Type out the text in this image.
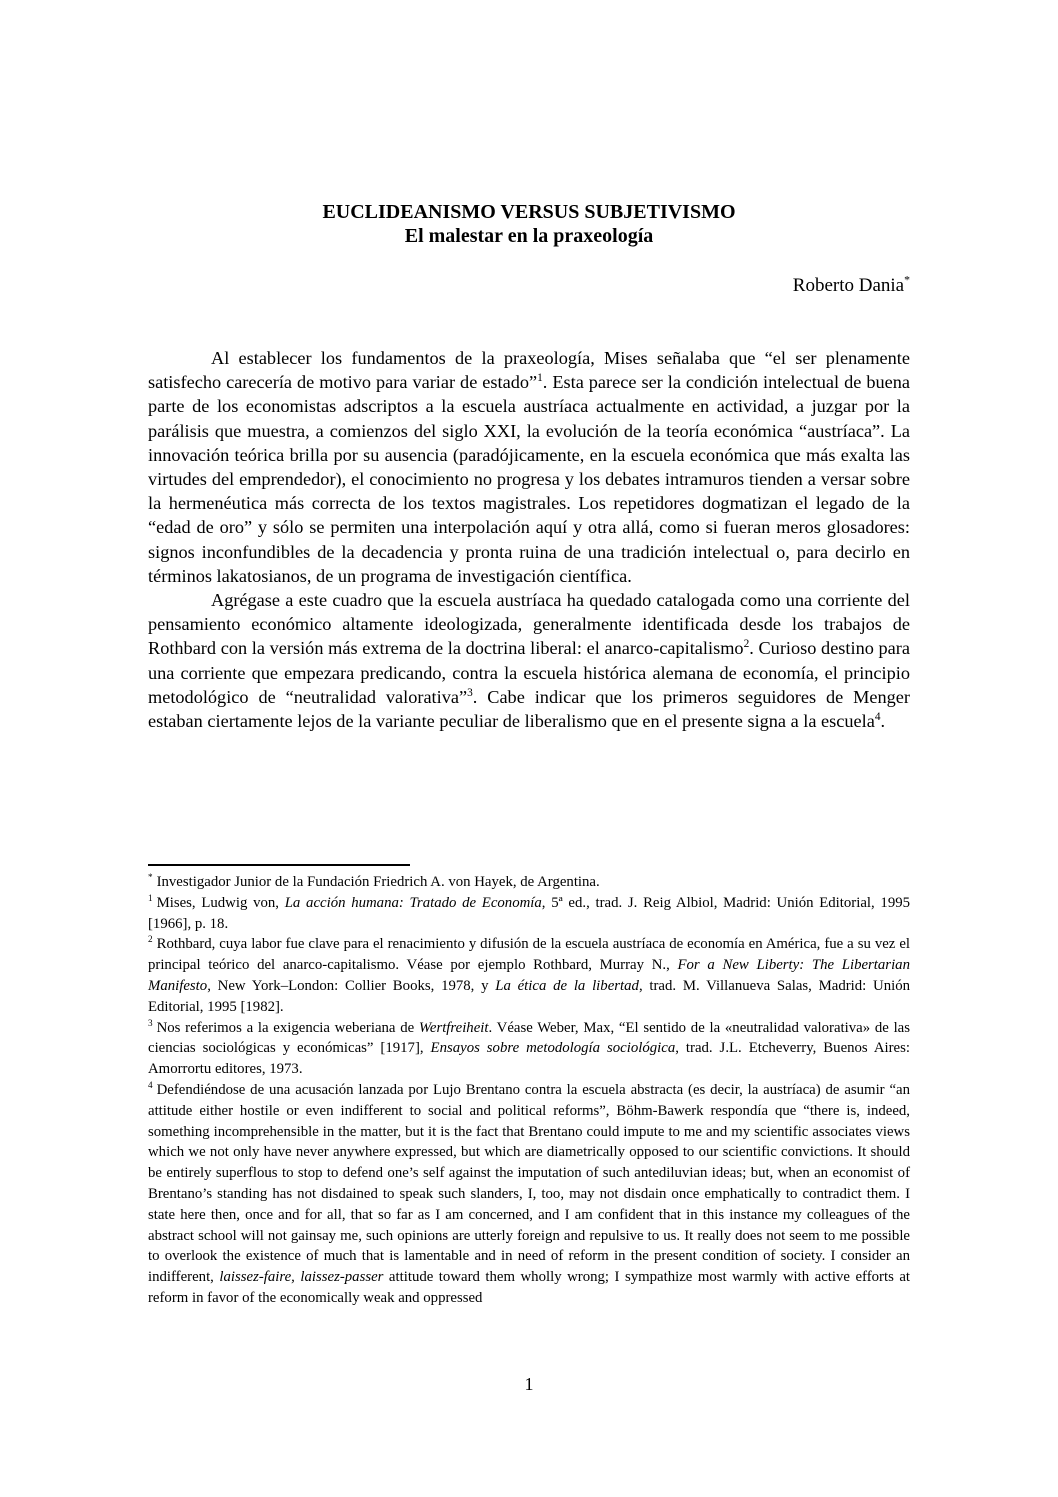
EUCLIDEANISMO VERSUS SUBJETIVISMO
El malestar en la praxeología
Roberto Dania*

Al establecer los fundamentos de la praxeología, Mises señalaba que “el ser plenamente satisfecho carecería de motivo para variar de estado”$^1$. Esta parece ser la condición intelectual de buena parte de los economistas adscriptos a la escuela austríaca actualmente en actividad, a juzgar por la parálisis que muestra, a comienzos del siglo XXI, la evolución de la teoría económica “austríaca”. La innovación teórica brilla por su ausencia (paradójicamente, en la escuela económica que más exalta las virtudes del emprendedor), el conocimiento no progresa y los debates intramuros tienden a versar sobre la hermenéutica más correcta de los textos magistrales. Los repetidores dogmatizan el legado de la “edad de oro” y sólo se permiten una interpolación aquí y otra allá, como si fueran meros glosadores: signos inconfundibles de la decadencia y pronta ruina de una tradición intelectual o, para decirlo en términos lakatosianos, de un programa de investigación científica.

Agrégase a este cuadro que la escuela austríaca ha quedado catalogada como una corriente del pensamiento económico altamente ideologizada, generalmente identificada desde los trabajos de Rothbard con la versión más extrema de la doctrina liberal: el anarco-capitalismo$^2$. Curioso destino para una corriente que empezara predicando, contra la escuela histórica alemana de economía, el principio metodológico de “neutralidad valorativa”$^3$. Cabe indicar que los primeros seguidores de Menger estaban ciertamente lejos de la variante peculiar de liberalismo que en el presente signa a la escuela$^4$.

* Investigador Junior de la Fundación Friedrich A. von Hayek, de Argentina.

$^1$ Mises, Ludwig von, La acción humana: Tratado de Economía, 5ª ed., trad. J. Reig Albiol, Madrid: Unión Editorial, 1995 [1966], p. 18.

$^2$ Rothbard, cuya labor fue clave para el renacimiento y difusión de la escuela austríaca de economía en América, fue a su vez el principal teórico del anarco-capitalismo. Véase por ejemplo Rothbard, Murray N., For a New Liberty: The Libertarian Manifesto, New York–London: Collier Books, 1978, y La ética de la libertad, trad. M. Villanueva Salas, Madrid: Unión Editorial, 1995 [1982].

$^3$ Nos referimos a la exigencia weberiana de Wertfreiheit. Véase Weber, Max, “El sentido de la «neutralidad valorativa» de las ciencias sociológicas y económicas” [1917], Ensayos sobre metodología sociológica, trad. J.L. Etcheverry, Buenos Aires: Amorrortu editores, 1973.

$^4$ Defendiéndose de una acusación lanzada por Lujo Brentano contra la escuela abstracta (es decir, la austríaca) de asumir “an attitude either hostile or even indifferent to social and political reforms”, Böhm-Bawerk respondía que “there is, indeed, something incomprehensible in the matter, but it is the fact that Brentano could impute to me and my scientific associates views which we not only have never anywhere expressed, but which are diametrically opposed to our scientific convictions. It should be entirely superflous to stop to defend one’s self against the imputation of such antediluvian ideas; but, when an economist of Brentano’s standing has not disdained to speak such slanders, I, too, may not disdain once emphatically to contradict them. I state here then, once and for all, that so far as I am concerned, and I am confident that in this instance my colleagues of the abstract school will not gainsay me, such opinions are utterly foreign and repulsive to us. It really does not seem to me possible to overlook the existence of much that is lamentable and in need of reform in the present condition of society. I consider an indifferent, laissez-faire, laissez-passer attitude toward them wholly wrong; I sympathize most warmly with active efforts at reform in favor of the economically weak and oppressed

1
